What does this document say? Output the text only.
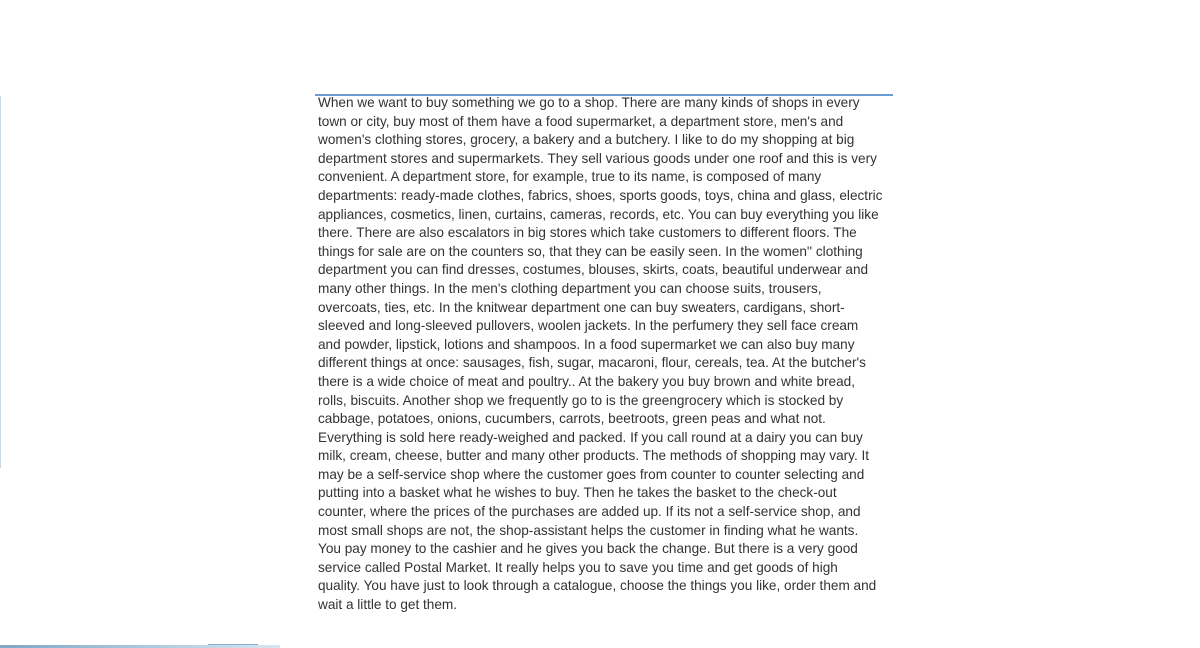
When we want to buy something we go to a shop. There are many kinds of shops in every
town or city, buy most of them have a food supermarket, a department store, men's and
women's clothing stores, grocery, a bakery and a butchery. I like to do my shopping at big
department stores and supermarkets. They sell various goods under one roof and this is very
convenient. A department store, for example, true to its name, is composed of many
departments: ready-made clothes, fabrics, shoes, sports goods, toys, china and glass, electric
appliances, cosmetics, linen, curtains, cameras, records, etc. You can buy everything you like
there. There are also escalators in big stores which take customers to different floors. The
things for sale are on the counters so, that they can be easily seen. In the women'' clothing
department you can find dresses, costumes, blouses, skirts, coats, beautiful underwear and
many other things. In the men's clothing department you can choose suits, trousers,
overcoats, ties, etc. In the knitwear department one can buy sweaters, cardigans, short-
sleeved and long-sleeved pullovers, woolen jackets. In the perfumery they sell face cream
and powder, lipstick, lotions and shampoos. In a food supermarket we can also buy many
different things at once: sausages, fish, sugar, macaroni, flour, cereals, tea. At the butcher's
there is a wide choice of meat and poultry.. At the bakery you buy brown and white bread,
rolls, biscuits. Another shop we frequently go to is the greengrocery which is stocked by
cabbage, potatoes, onions, cucumbers, carrots, beetroots, green peas and what not.
Everything is sold here ready-weighed and packed. If you call round at a dairy you can buy
milk, cream, cheese, butter and many other products. The methods of shopping may vary. It
may be a self-service shop where the customer goes from counter to counter selecting and
putting into a basket what he wishes to buy. Then he takes the basket to the check-out
counter, where the prices of the purchases are added up. If its not a self-service shop, and
most small shops are not, the shop-assistant helps the customer in finding what he wants.
You pay money to the cashier and he gives you back the change. But there is a very good
service called Postal Market. It really helps you to save you time and get goods of high
quality. You have just to look through a catalogue, choose the things you like, order them and
wait a little to get them.
